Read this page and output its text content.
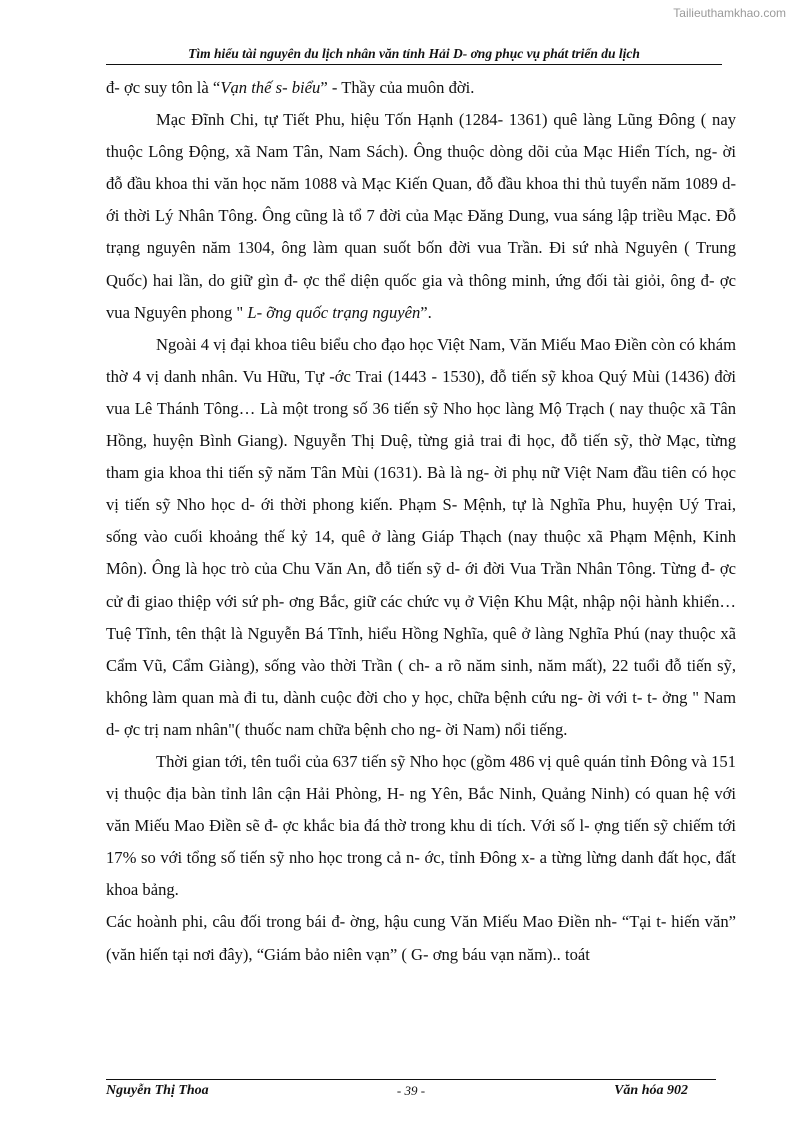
Tailieuthamkhao.com
Tìm hiểu tài nguyên du lịch nhân văn tỉnh Hải D- ơng phục vụ phát triển du lịch

đ- ợc suy tôn là “Vạn thế s- biểu” - Thầy của muôn đời.

Mạc Đĩnh Chi, tự Tiết Phu, hiệu Tốn Hạnh (1284- 1361) quê làng Lũng Đông ( nay thuộc Lông Động, xã Nam Tân, Nam Sách). Ông thuộc dòng dõi của Mạc Hiển Tích, ng- ời đỗ đầu khoa thi văn học năm 1088 và Mạc Kiến Quan, đỗ đầu khoa thi thủ tuyển năm 1089 d- ới thời Lý Nhân Tông. Ông cũng là tổ 7 đời của Mạc Đăng Dung, vua sáng lập triều Mạc. Đỗ trạng nguyên năm 1304, ông làm quan suốt bốn đời vua Trần. Đi sứ nhà Nguyên ( Trung Quốc) hai lần, do giữ gìn đ- ợc thể diện quốc gia và thông minh, ứng đối tài giỏi, ông đ- ợc vua Nguyên phong " L- ỡng quốc trạng nguyên”.

Ngoài 4 vị đại khoa tiêu biểu cho đạo học Việt Nam, Văn Miếu Mao Điền còn có khám thờ 4 vị danh nhân. Vu Hữu, Tự -ớc Trai (1443 - 1530), đỗ tiến sỹ khoa Quý Mùi (1436) đời vua Lê Thánh Tông… Là một trong số 36 tiến sỹ Nho học làng Mộ Trạch ( nay thuộc xã Tân Hồng, huyện Bình Giang). Nguyễn Thị Duệ, từng giả trai đi học, đỗ tiến sỹ, thờ Mạc, từng tham gia khoa thi tiến sỹ năm Tân Mùi (1631). Bà là ng- ời phụ nữ Việt Nam đầu tiên có học vị tiến sỹ Nho học d- ới thời phong kiến. Phạm S- Mệnh, tự là Nghĩa Phu, huyện Uý Trai, sống vào cuối khoảng thế kỷ 14, quê ở làng Giáp Thạch (nay thuộc xã Phạm Mệnh, Kinh Môn). Ông là học trò của Chu Văn An, đỗ tiến sỹ d- ới đời Vua Trần Nhân Tông. Từng đ- ợc cử đi giao thiệp với sứ ph- ơng Bắc, giữ các chức vụ ở Viện Khu Mật, nhập nội hành khiển… Tuệ Tĩnh, tên thật là Nguyễn Bá Tĩnh, hiểu Hồng Nghĩa, quê ở làng Nghĩa Phú (nay thuộc xã Cẩm Vũ, Cẩm Giàng), sống vào thời Trần ( ch- a rõ năm sinh, năm mất), 22 tuổi đỗ tiến sỹ, không làm quan mà đi tu, dành cuộc đời cho y học, chữa bệnh cứu ng- ời với t- t- ởng " Nam d- ợc trị nam nhân"( thuốc nam chữa bệnh cho ng- ời Nam) nổi tiếng.

Thời gian tới, tên tuổi của 637 tiến sỹ Nho học (gồm 486 vị quê quán tỉnh Đông và 151 vị thuộc địa bàn tỉnh lân cận Hải Phòng, H- ng Yên, Bắc Ninh, Quảng Ninh) có quan hệ với văn Miếu Mao Điền sẽ đ- ợc khắc bia đá thờ trong khu di tích. Với số l- ợng tiến sỹ chiếm tới 17% so với tổng số tiến sỹ nho học trong cả n- ớc, tỉnh Đông x- a từng lừng danh đất học, đất khoa bảng.

Các hoành phi, câu đối trong bái đ- ờng, hậu cung Văn Miếu Mao Điền nh- “Tại t- hiến văn” (văn hiến tại nơi đây), “Giám bảo niên vạn” ( G- ơng báu vạn năm).. toát

Nguyễn Thị Thoa	- 39 -	Văn hóa 902
